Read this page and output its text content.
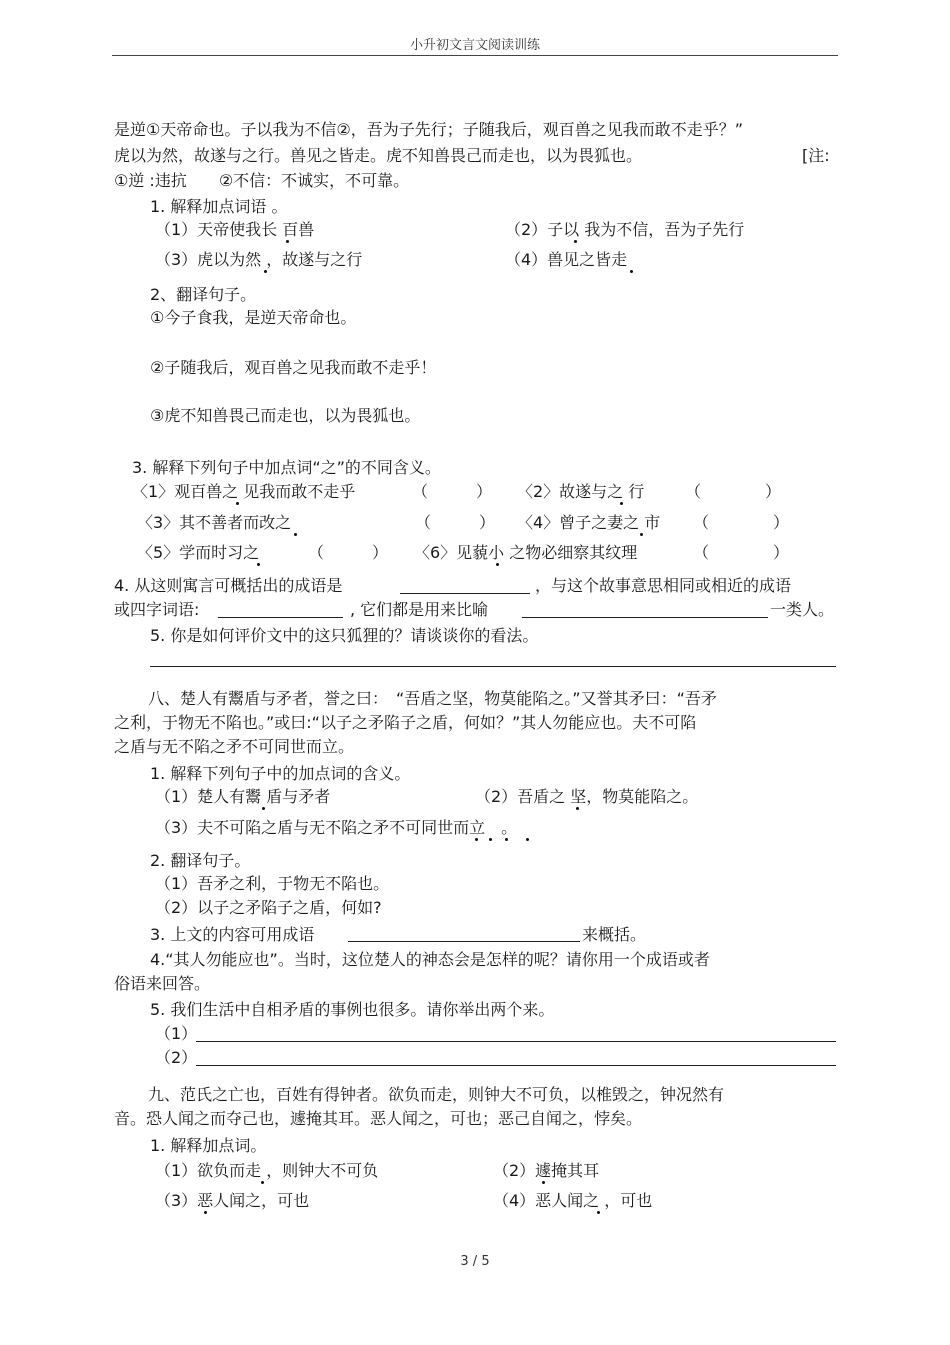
小升初文言文阅读训练
是逆①天帝命也。子以我为不信②，吾为子先行；子随我后，观百兽之见我而敢不走乎？”
虎以为然，故遂与之行。兽见之皆走。虎不知兽畏己而走也，以为畏狐也。	[注:
①逆 :违抗　　②不信：不诚实，不可靠。
1. 解释加点词语 。
（1）天帝使我长 百兽	（2）子以 我为不信，吾为子先行
（3）虎以为然 ，故遂与之行	（4）兽见之皆走
2、翻译句子。
①今子食我，是逆天帝命也。
②子随我后，观百兽之见我而敢不走乎！
③虎不知兽畏己而走也，以为畏狐也。
3. 解释下列句子中加点词“之”的不同含义。
〈1〉观百兽之 见我而敢不走乎	（　　　） 〈2〉故遂与之 行	（　　　　）
〈3〉其不善者而改之	（　　　） 〈4〉曾子之妻之 市 （　　　　）
〈5〉学而时习之	（　　　） 〈6〉见藐小 之物必细察其纹理	（　　　　）
4. 从这则寓言可概括出的成语是	，与这个故事意思相同或相近的成语
或四字词语:	, 它们都是用来比喻	一类人。
5. 你是如何评价文中的这只狐狸的？请谈谈你的看法。
八、楚人有鬻盾与矛者，誉之曰：　“吾盾之坚，物莫能陷之。”又誉其矛曰：“吾矛
之利，于物无不陷也。”或曰:“以子之矛陷子之盾，何如？”其人勿能应也。夫不可陷
之盾与无不陷之矛不可同世而立。
1. 解释下列句子中的加点词的含义。
（1）楚人有鬻 盾与矛者	（2）吾盾之 坚，物莫能陷之。
（3）夫不可陷之盾与无不陷之矛不可同世而立　。
2. 翻译句子。
（1）吾矛之利，于物无不陷也。
（2）以子之矛陷子之盾，何如?
3. 上文的内容可用成语	来概括。
4.“其人勿能应也”。当时，这位楚人的神态会是怎样的呢？请你用一个成语或者
俗语来回答。
5. 我们生活中自相矛盾的事例也很多。请你举出两个来。
（1）
（2）
九、范氏之亡也，百姓有得钟者。欲负而走，则钟大不可负，以椎毁之，钟况然有
音。恐人闻之而夺己也，遽掩其耳。恶人闻之，可也；恶己自闻之，悖矣。
1. 解释加点词。
（1）欲负而走 ，则钟大不可负	（2）遽掩其耳
（3）恶人闻之，可也	（4）恶人闻之 ，可也
3 / 5
